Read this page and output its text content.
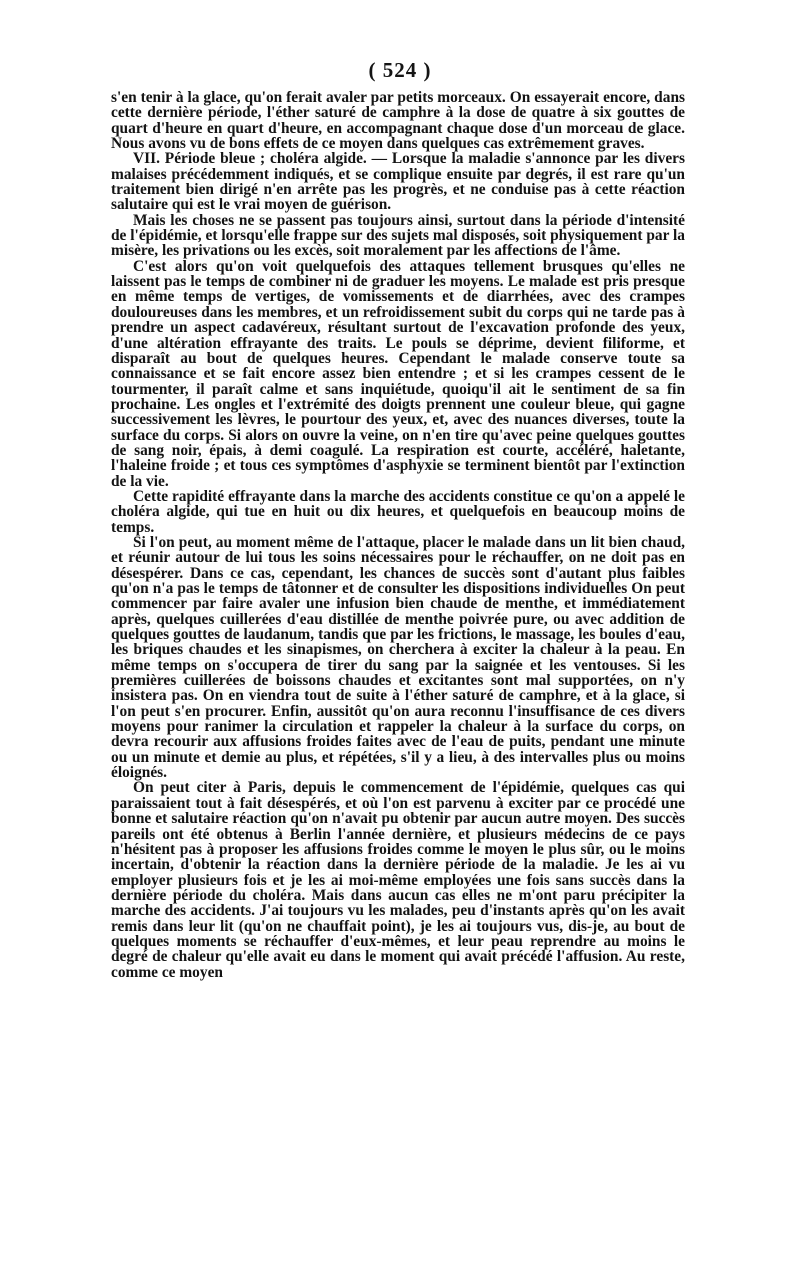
( 524 )

s'en tenir à la glace, qu'on ferait avaler par petits morceaux. On essayerait encore, dans cette dernière période, l'éther saturé de camphre à la dose de quatre à six gouttes de quart d'heure en quart d'heure, en accompagnant chaque dose d'un morceau de glace. Nous avons vu de bons effets de ce moyen dans quelques cas extrêmement graves.

VII. Période bleue ; choléra algide. — Lorsque la maladie s'annonce par les divers malaises précédemment indiqués, et se complique ensuite par degrés, il est rare qu'un traitement bien dirigé n'en arrête pas les progrès, et ne conduise pas à cette réaction salutaire qui est le vrai moyen de guérison.

Mais les choses ne se passent pas toujours ainsi, surtout dans la période d'intensité de l'épidémie, et lorsqu'elle frappe sur des sujets mal disposés, soit physiquement par la misère, les privations ou les excès, soit moralement par les affections de l'âme.

C'est alors qu'on voit quelquefois des attaques tellement brusques qu'elles ne laissent pas le temps de combiner ni de graduer les moyens. Le malade est pris presque en même temps de vertiges, de vomissements et de diarrhées, avec des crampes douloureuses dans les membres, et un refroidissement subit du corps qui ne tarde pas à prendre un aspect cadavéreux, résultant surtout de l'excavation profonde des yeux, d'une altération effrayante des traits. Le pouls se déprime, devient filiforme, et disparaît au bout de quelques heures. Cependant le malade conserve toute sa connaissance et se fait encore assez bien entendre ; et si les crampes cessent de le tourmenter, il paraît calme et sans inquiétude, quoiqu'il ait le sentiment de sa fin prochaine. Les ongles et l'extrémité des doigts prennent une couleur bleue, qui gagne successivement les lèvres, le pourtour des yeux, et, avec des nuances diverses, toute la surface du corps. Si alors on ouvre la veine, on n'en tire qu'avec peine quelques gouttes de sang noir, épais, à demi coagulé. La respiration est courte, accéléré, haletante, l'haleine froide ; et tous ces symptômes d'asphyxie se terminent bientôt par l'extinction de la vie.

Cette rapidité effrayante dans la marche des accidents constitue ce qu'on a appelé le choléra algide, qui tue en huit ou dix heures, et quelquefois en beaucoup moins de temps.

Si l'on peut, au moment même de l'attaque, placer le malade dans un lit bien chaud, et réunir autour de lui tous les soins nécessaires pour le réchauffer, on ne doit pas en désespérer. Dans ce cas, cependant, les chances de succès sont d'autant plus faibles qu'on n'a pas le temps de tâtonner et de consulter les dispositions individuelles On peut commencer par faire avaler une infusion bien chaude de menthe, et immédiatement après, quelques cuillerées d'eau distillée de menthe poivrée pure, ou avec addition de quelques gouttes de laudanum, tandis que par les frictions, le massage, les boules d'eau, les briques chaudes et les sinapismes, on cherchera à exciter la chaleur à la peau. En même temps on s'occupera de tirer du sang par la saignée et les ventouses. Si les premières cuillerées de boissons chaudes et excitantes sont mal supportées, on n'y insistera pas. On en viendra tout de suite à l'éther saturé de camphre, et à la glace, si l'on peut s'en procurer. Enfin, aussitôt qu'on aura reconnu l'insuffisance de ces divers moyens pour ranimer la circulation et rappeler la chaleur à la surface du corps, on devra recourir aux affusions froides faites avec de l'eau de puits, pendant une minute ou un minute et demie au plus, et répétées, s'il y a lieu, à des intervalles plus ou moins éloignés.

On peut citer à Paris, depuis le commencement de l'épidémie, quelques cas qui paraissaient tout à fait désespérés, et où l'on est parvenu à exciter par ce procédé une bonne et salutaire réaction qu'on n'avait pu obtenir par aucun autre moyen. Des succès pareils ont été obtenus à Berlin l'année dernière, et plusieurs médecins de ce pays n'hésitent pas à proposer les affusions froides comme le moyen le plus sûr, ou le moins incertain, d'obtenir la réaction dans la dernière période de la maladie. Je les ai vu employer plusieurs fois et je les ai moi-même employées une fois sans succès dans la dernière période du choléra. Mais dans aucun cas elles ne m'ont paru précipiter la marche des accidents. J'ai toujours vu les malades, peu d'instants après qu'on les avait remis dans leur lit (qu'on ne chauffait point), je les ai toujours vus, dis-je, au bout de quelques moments se réchauffer d'eux-mêmes, et leur peau reprendre au moins le degré de chaleur qu'elle avait eu dans le moment qui avait précédé l'affusion. Au reste, comme ce moyen
